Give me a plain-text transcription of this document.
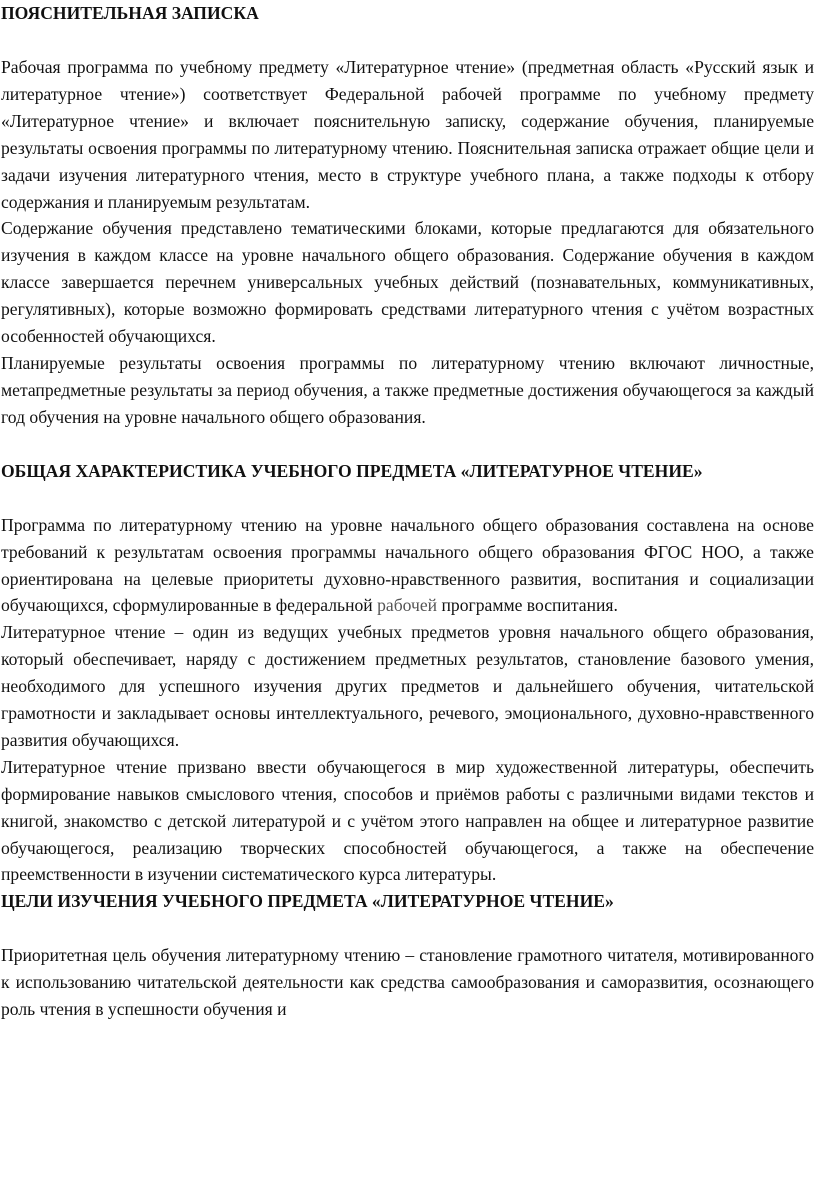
ПОЯСНИТЕЛЬНАЯ ЗАПИСКА

Рабочая программа по учебному предмету «Литературное чтение» (предметная область «Русский язык и литературное чтение») соответствует Федеральной рабочей программе по учебному предмету «Литературное чтение» и включает пояснительную записку, содержание обучения, планируемые результаты освоения программы по литературному чтению. Пояснительная записка отражает общие цели и задачи изучения литературного чтения, место в структуре учебного плана, а также подходы к отбору содержания и планируемым результатам.

Содержание обучения представлено тематическими блоками, которые предлагаются для обязательного изучения в каждом классе на уровне начального общего образования. Содержание обучения в каждом классе завершается перечнем универсальных учебных действий (познавательных, коммуникативных, регулятивных), которые возможно формировать средствами литературного чтения с учётом возрастных особенностей обучающихся.

Планируемые результаты освоения программы по литературному чтению включают личностные, метапредметные результаты за период обучения, а также предметные достижения обучающегося за каждый год обучения на уровне начального общего образования.

ОБЩАЯ ХАРАКТЕРИСТИКА УЧЕБНОГО ПРЕДМЕТА «ЛИТЕРАТУРНОЕ ЧТЕНИЕ»

Программа по литературному чтению на уровне начального общего образования составлена на основе требований к результатам освоения программы начального общего образования ФГОС НОО, а также ориентирована на целевые приоритеты духовно-нравственного развития, воспитания и социализации обучающихся, сформулированные в федеральной рабочей программе воспитания.

Литературное чтение – один из ведущих учебных предметов уровня начального общего образования, который обеспечивает, наряду с достижением предметных результатов, становление базового умения, необходимого для успешного изучения других предметов и дальнейшего обучения, читательской грамотности и закладывает основы интеллектуального, речевого, эмоционального, духовно-нравственного развития обучающихся.

Литературное чтение призвано ввести обучающегося в мир художественной литературы, обеспечить формирование навыков смыслового чтения, способов и приёмов работы с различными видами текстов и книгой, знакомство с детской литературой и с учётом этого направлен на общее и литературное развитие обучающегося, реализацию творческих способностей обучающегося, а также на обеспечение преемственности в изучении систематического курса литературы.

ЦЕЛИ ИЗУЧЕНИЯ УЧЕБНОГО ПРЕДМЕТА «ЛИТЕРАТУРНОЕ ЧТЕНИЕ»

Приоритетная цель обучения литературному чтению – становление грамотного читателя, мотивированного к использованию читательской деятельности как средства самообразования и саморазвития, осознающего роль чтения в успешности обучения и
